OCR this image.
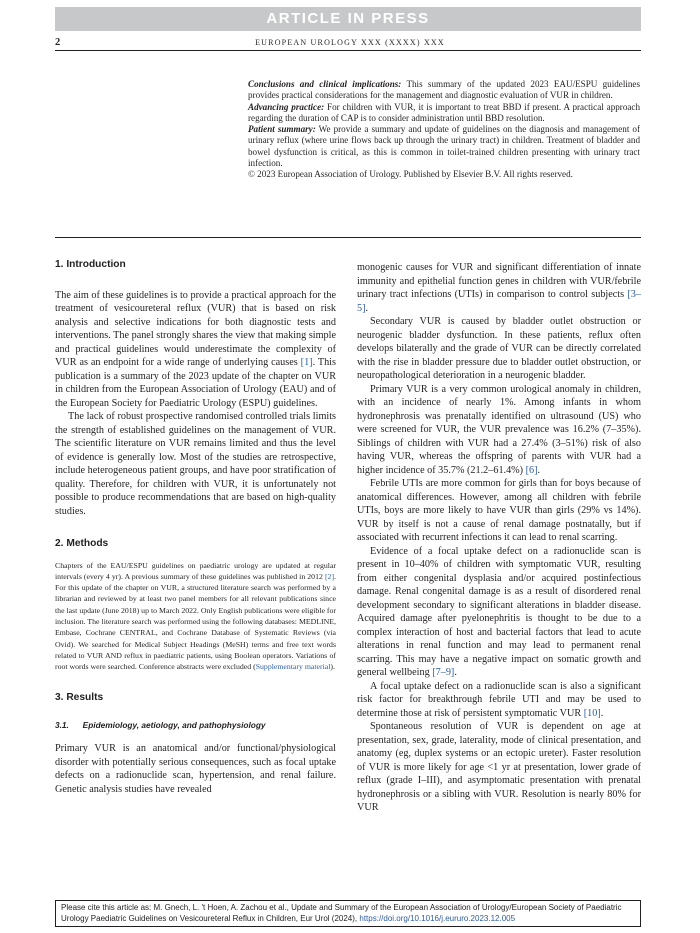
ARTICLE IN PRESS
2	EUROPEAN UROLOGY XXX (XXXX) XXX

Conclusions and clinical implications: This summary of the updated 2023 EAU/ESPU guidelines provides practical considerations for the management and diagnostic evaluation of VUR in children.

Advancing practice: For children with VUR, it is important to treat BBD if present. A practical approach regarding the duration of CAP is to consider administration until BBD resolution.

Patient summary: We provide a summary and update of guidelines on the diagnosis and management of urinary reflux (where urine flows back up through the urinary tract) in children. Treatment of bladder and bowel dysfunction is critical, as this is common in toilet-trained children presenting with urinary tract infection.

© 2023 European Association of Urology. Published by Elsevier B.V. All rights reserved.

1. Introduction

The aim of these guidelines is to provide a practical approach for the treatment of vesicoureteral reflux (VUR) that is based on risk analysis and selective indications for both diagnostic tests and interventions. The panel strongly shares the view that making simple and practical guidelines would underestimate the complexity of VUR as an endpoint for a wide range of underlying causes [1]. This publication is a summary of the 2023 update of the chapter on VUR in children from the European Association of Urology (EAU) and of the European Society for Paediatric Urology (ESPU) guidelines.

The lack of robust prospective randomised controlled trials limits the strength of established guidelines on the management of VUR. The scientific literature on VUR remains limited and thus the level of evidence is generally low. Most of the studies are retrospective, include heterogeneous patient groups, and have poor stratification of quality. Therefore, for children with VUR, it is unfortunately not possible to produce recommendations that are based on high-quality studies.

2. Methods

Chapters of the EAU/ESPU guidelines on paediatric urology are updated at regular intervals (every 4 yr). A previous summary of these guidelines was published in 2012 [2]. For this update of the chapter on VUR, a structured literature search was performed by a librarian and reviewed by at least two panel members for all relevant publications since the last update (June 2018) up to March 2022. Only English publications were eligible for inclusion. The literature search was performed using the following databases: MEDLINE, Embase, Cochrane CENTRAL, and Cochrane Database of Systematic Reviews (via Ovid). We searched for Medical Subject Headings (MeSH) terms and free text words related to VUR AND reflux in paediatric patients, using Boolean operators. Variations of root words were searched. Conference abstracts were excluded (Supplementary material).

3. Results
3.1.      Epidemiology, aetiology, and pathophysiology

Primary VUR is an anatomical and/or functional/physiological disorder with potentially serious consequences, such as focal uptake defects on a radionuclide scan, hypertension, and renal failure. Genetic analysis studies have revealed

monogenic causes for VUR and significant differentiation of innate immunity and epithelial function genes in children with VUR/febrile urinary tract infections (UTIs) in comparison to control subjects [3–5].

Secondary VUR is caused by bladder outlet obstruction or neurogenic bladder dysfunction. In these patients, reflux often develops bilaterally and the grade of VUR can be directly correlated with the rise in bladder pressure due to bladder outlet obstruction, or neuropathological deterioration in a neurogenic bladder.

Primary VUR is a very common urological anomaly in children, with an incidence of nearly 1%. Among infants in whom hydronephrosis was prenatally identified on ultrasound (US) who were screened for VUR, the VUR prevalence was 16.2% (7–35%). Siblings of children with VUR had a 27.4% (3–51%) risk of also having VUR, whereas the offspring of parents with VUR had a higher incidence of 35.7% (21.2–61.4%) [6].

Febrile UTIs are more common for girls than for boys because of anatomical differences. However, among all children with febrile UTIs, boys are more likely to have VUR than girls (29% vs 14%). VUR by itself is not a cause of renal damage postnatally, but if associated with recurrent infections it can lead to renal scarring.

Evidence of a focal uptake defect on a radionuclide scan is present in 10–40% of children with symptomatic VUR, resulting from either congenital dysplasia and/or acquired postinfectious damage. Renal congenital damage is as a result of disordered renal development secondary to significant alterations in bladder disease. Acquired damage after pyelonephritis is thought to be due to a complex interaction of host and bacterial factors that lead to acute alterations in renal function and may lead to permanent renal scarring. This may have a negative impact on somatic growth and general wellbeing [7–9].

A focal uptake defect on a radionuclide scan is also a significant risk factor for breakthrough febrile UTI and may be used to determine those at risk of persistent symptomatic VUR [10].

Spontaneous resolution of VUR is dependent on age at presentation, sex, grade, laterality, mode of clinical presentation, and anatomy (eg, duplex systems or an ectopic ureter). Faster resolution of VUR is more likely for age <1 yr at presentation, lower grade of reflux (grade I–III), and asymptomatic presentation with prenatal hydronephrosis or a sibling with VUR. Resolution is nearly 80% for VUR

Please cite this article as: M. Gnech, L. 't Hoen, A. Zachou et al., Update and Summary of the European Association of Urology/European Society of Paediatric Urology Paediatric Guidelines on Vesicoureteral Reflux in Children, Eur Urol (2024), https://doi.org/10.1016/j.eururo.2023.12.005
